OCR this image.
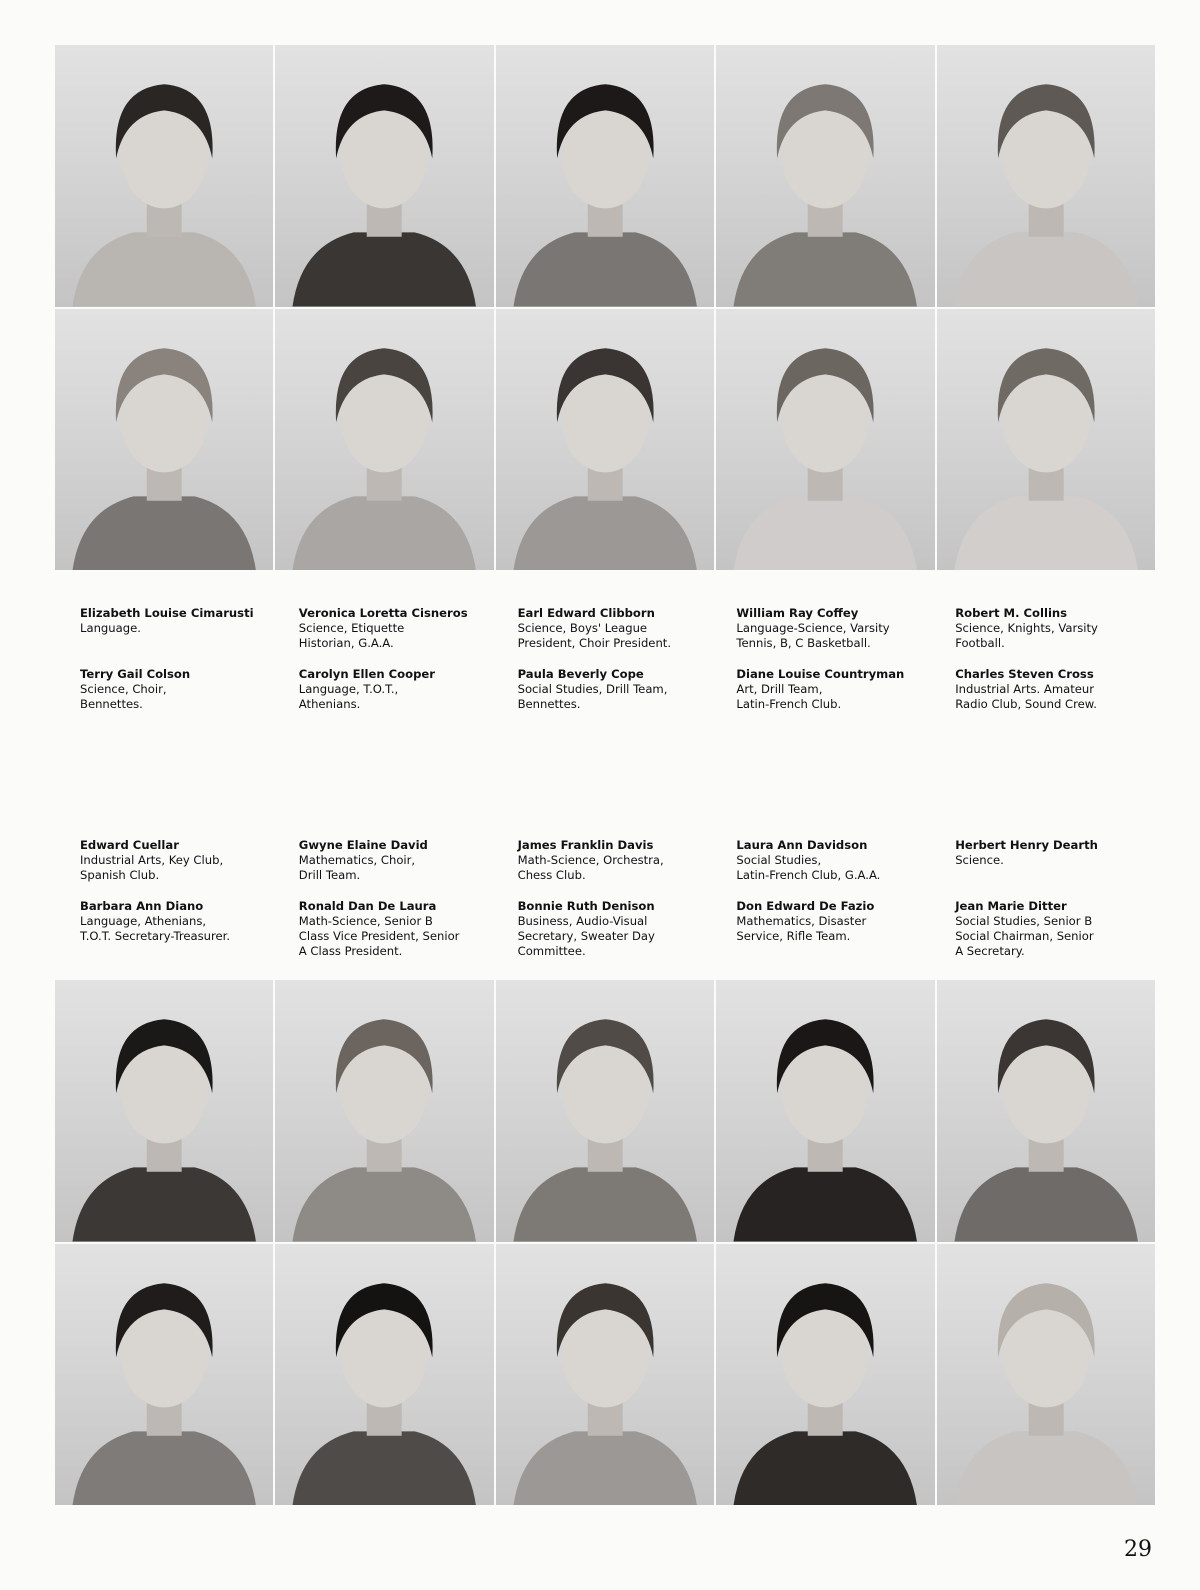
Elizabeth Louise Cimarusti
Language.
Veronica Loretta Cisneros
Science, Etiquette
Historian, G.A.A.
Earl Edward Clibborn
Science, Boys' League
President, Choir President.
William Ray Coffey
Language-Science, Varsity
Tennis, B, C Basketball.
Robert M. Collins
Science, Knights, Varsity
Football.
Terry Gail Colson
Science, Choir,
Bennettes.
Carolyn Ellen Cooper
Language, T.O.T.,
Athenians.
Paula Beverly Cope
Social Studies, Drill Team,
Bennettes.
Diane Louise Countryman
Art, Drill Team,
Latin-French Club.
Charles Steven Cross
Industrial Arts. Amateur
Radio Club, Sound Crew.
Edward Cuellar
Industrial Arts, Key Club,
Spanish Club.
Gwyne Elaine David
Mathematics, Choir,
Drill Team.
James Franklin Davis
Math-Science, Orchestra,
Chess Club.
Laura Ann Davidson
Social Studies,
Latin-French Club, G.A.A.
Herbert Henry Dearth
Science.
Barbara Ann Diano
Language, Athenians,
T.O.T. Secretary-Treasurer.
Ronald Dan De Laura
Math-Science, Senior B
Class Vice President, Senior
A Class President.
Bonnie Ruth Denison
Business, Audio-Visual
Secretary, Sweater Day
Committee.
Don Edward De Fazio
Mathematics, Disaster
Service, Rifle Team.
Jean Marie Ditter
Social Studies, Senior B
Social Chairman, Senior
A Secretary.
29
